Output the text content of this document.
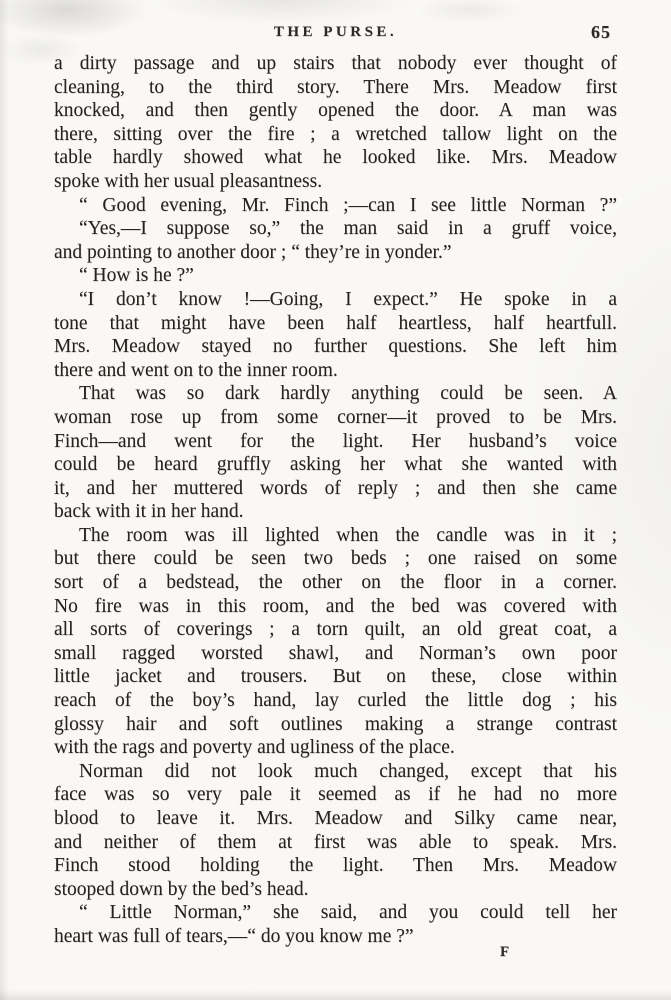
THE PURSE.	65
a dirty passage and up stairs that nobody ever thought of
cleaning, to the third story. There Mrs. Meadow first
knocked, and then gently opened the door. A man was
there, sitting over the fire ; a wretched tallow light on the
table hardly showed what he looked like. Mrs. Meadow
spoke with her usual pleasantness.
“ Good evening, Mr. Finch ;—can I see little Norman ?”
“Yes,—I suppose so,” the man said in a gruff voice,
and pointing to another door ; “ they’re in yonder.”
“ How is he ?”
“I don’t know !—Going, I expect.” He spoke in a
tone that might have been half heartless, half heartfull.
Mrs. Meadow stayed no further questions. She left him
there and went on to the inner room.
That was so dark hardly anything could be seen. A
woman rose up from some corner—it proved to be Mrs.
Finch—and went for the light. Her husband’s voice
could be heard gruffly asking her what she wanted with
it, and her muttered words of reply ; and then she came
back with it in her hand.
The room was ill lighted when the candle was in it ;
but there could be seen two beds ; one raised on some
sort of a bedstead, the other on the floor in a corner.
No fire was in this room, and the bed was covered with
all sorts of coverings ; a torn quilt, an old great coat, a
small ragged worsted shawl, and Norman’s own poor
little jacket and trousers. But on these, close within
reach of the boy’s hand, lay curled the little dog ; his
glossy hair and soft outlines making a strange contrast
with the rags and poverty and ugliness of the place.
Norman did not look much changed, except that his
face was so very pale it seemed as if he had no more
blood to leave it. Mrs. Meadow and Silky came near,
and neither of them at first was able to speak. Mrs.
Finch stood holding the light. Then Mrs. Meadow
stooped down by the bed’s head.
“ Little Norman,” she said, and you could tell her
heart was full of tears,—“ do you know me ?”
F
